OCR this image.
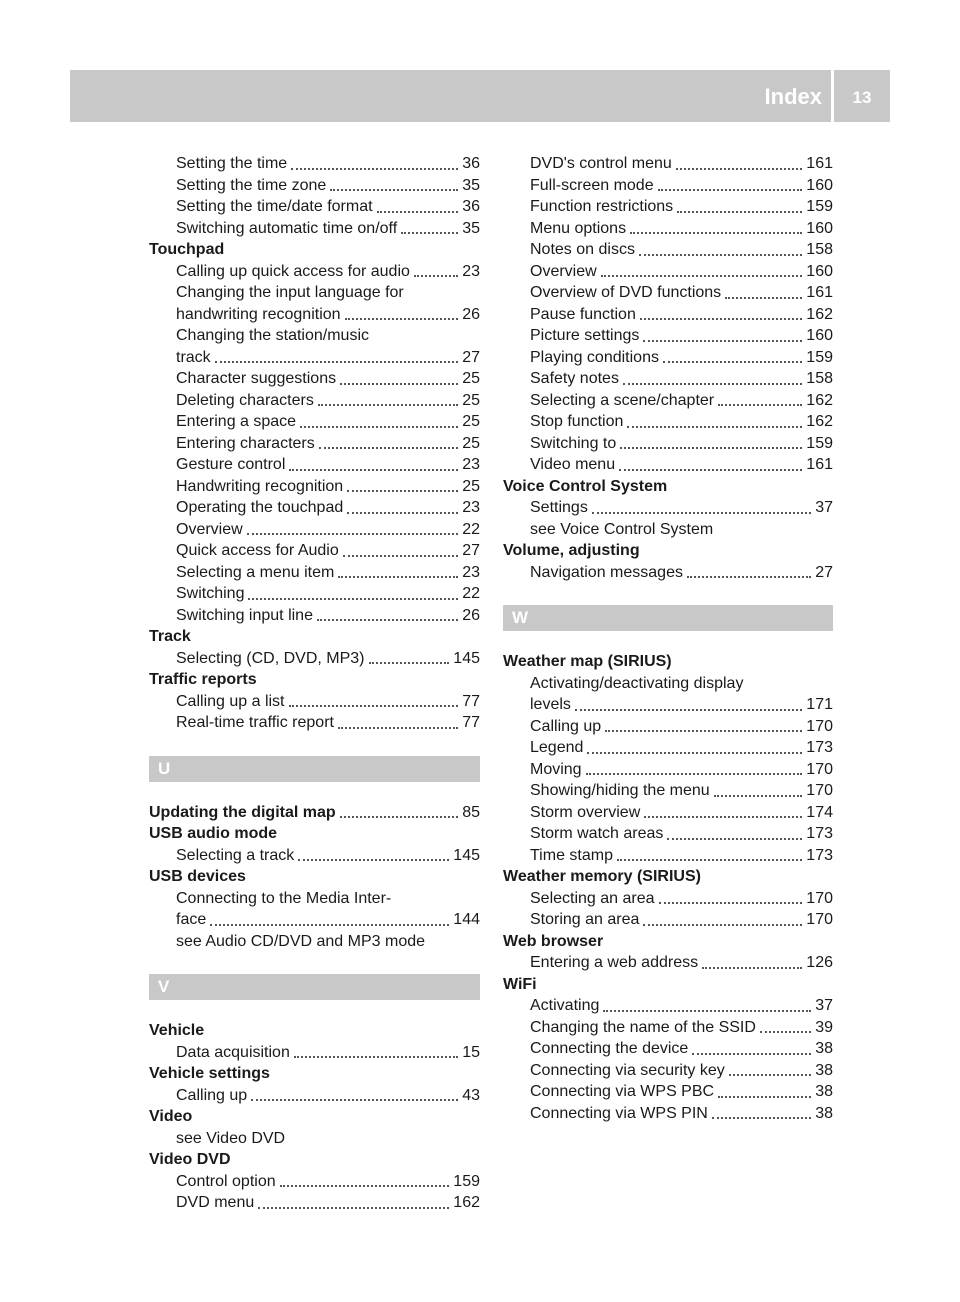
Index	13
Setting the time	36
Setting the time zone	35
Setting the time/date format	36
Switching automatic time on/off	35
Touchpad
Calling up quick access for audio	23
Changing the input language for
handwriting recognition	26
Changing the station/music
track	27
Character suggestions	25
Deleting characters	25
Entering a space	25
Entering characters	25
Gesture control	23
Handwriting recognition	25
Operating the touchpad	23
Overview	22
Quick access for Audio	27
Selecting a menu item	23
Switching	22
Switching input line	26
Track
Selecting (CD, DVD, MP3)	145
Traffic reports
Calling up a list	77
Real-time traffic report	77
U
Updating the digital map	85
USB audio mode
Selecting a track	145
USB devices
Connecting to the Media Inter-
face	144
see Audio CD/DVD and MP3 mode
V
Vehicle
Data acquisition	15
Vehicle settings
Calling up	43
Video
see Video DVD
Video DVD
Control option	159
DVD menu	162
DVD's control menu	161
Full-screen mode	160
Function restrictions	159
Menu options	160
Notes on discs	158
Overview	160
Overview of DVD functions	161
Pause function	162
Picture settings	160
Playing conditions	159
Safety notes	158
Selecting a scene/chapter	162
Stop function	162
Switching to	159
Video menu	161
Voice Control System
Settings	37
see Voice Control System
Volume, adjusting
Navigation messages	27
W
Weather map (SIRIUS)
Activating/deactivating display
levels	171
Calling up	170
Legend	173
Moving	170
Showing/hiding the menu	170
Storm overview	174
Storm watch areas	173
Time stamp	173
Weather memory (SIRIUS)
Selecting an area	170
Storing an area	170
Web browser
Entering a web address	126
WiFi
Activating	37
Changing the name of the SSID	39
Connecting the device	38
Connecting via security key	38
Connecting via WPS PBC	38
Connecting via WPS PIN	38
